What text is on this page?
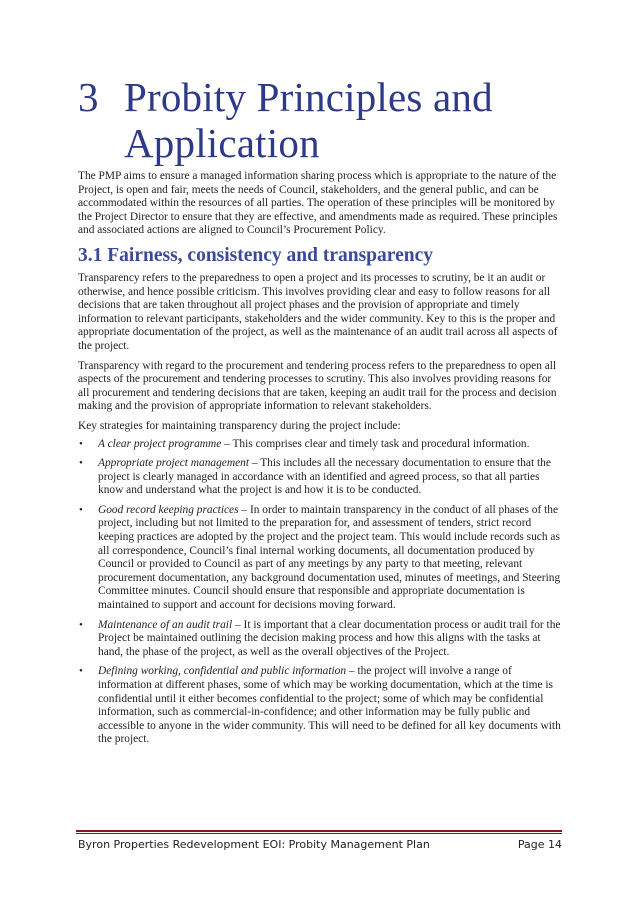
3 Probity Principles and
Application

The PMP aims to ensure a managed information sharing process which is appropriate to the nature of the Project, is open and fair, meets the needs of Council, stakeholders, and the general public, and can be accommodated within the resources of all parties. The operation of these principles will be monitored by the Project Director to ensure that they are effective, and amendments made as required. These principles and associated actions are aligned to Council’s Procurement Policy.

3.1 Fairness, consistency and transparency

Transparency refers to the preparedness to open a project and its processes to scrutiny, be it an audit or otherwise, and hence possible criticism. This involves providing clear and easy to follow reasons for all decisions that are taken throughout all project phases and the provision of appropriate and timely information to relevant participants, stakeholders and the wider community. Key to this is the proper and appropriate documentation of the project, as well as the maintenance of an audit trail across all aspects of the project.

Transparency with regard to the procurement and tendering process refers to the preparedness to open all aspects of the procurement and tendering processes to scrutiny. This also involves providing reasons for all procurement and tendering decisions that are taken, keeping an audit trail for the process and decision making and the provision of appropriate information to relevant stakeholders.

Key strategies for maintaining transparency during the project include:

• A clear project programme – This comprises clear and timely task and procedural information.
• Appropriate project management – This includes all the necessary documentation to ensure that the project is clearly managed in accordance with an identified and agreed process, so that all parties know and understand what the project is and how it is to be conducted.
• Good record keeping practices – In order to maintain transparency in the conduct of all phases of the project, including but not limited to the preparation for, and assessment of tenders, strict record keeping practices are adopted by the project and the project team. This would include records such as all correspondence, Council’s final internal working documents, all documentation produced by Council or provided to Council as part of any meetings by any party to that meeting, relevant procurement documentation, any background documentation used, minutes of meetings, and Steering Committee minutes. Council should ensure that responsible and appropriate documentation is maintained to support and account for decisions moving forward.
• Maintenance of an audit trail – It is important that a clear documentation process or audit trail for the Project be maintained outlining the decision making process and how this aligns with the tasks at hand, the phase of the project, as well as the overall objectives of the Project.
• Defining working, confidential and public information – the project will involve a range of information at different phases, some of which may be working documentation, which at the time is confidential until it either becomes confidential to the project; some of which may be confidential information, such as commercial-in-confidence; and other information may be fully public and accessible to anyone in the wider community. This will need to be defined for all key documents with the project.
Byron Properties Redevelopment EOI: Probity Management Plan	Page 14
